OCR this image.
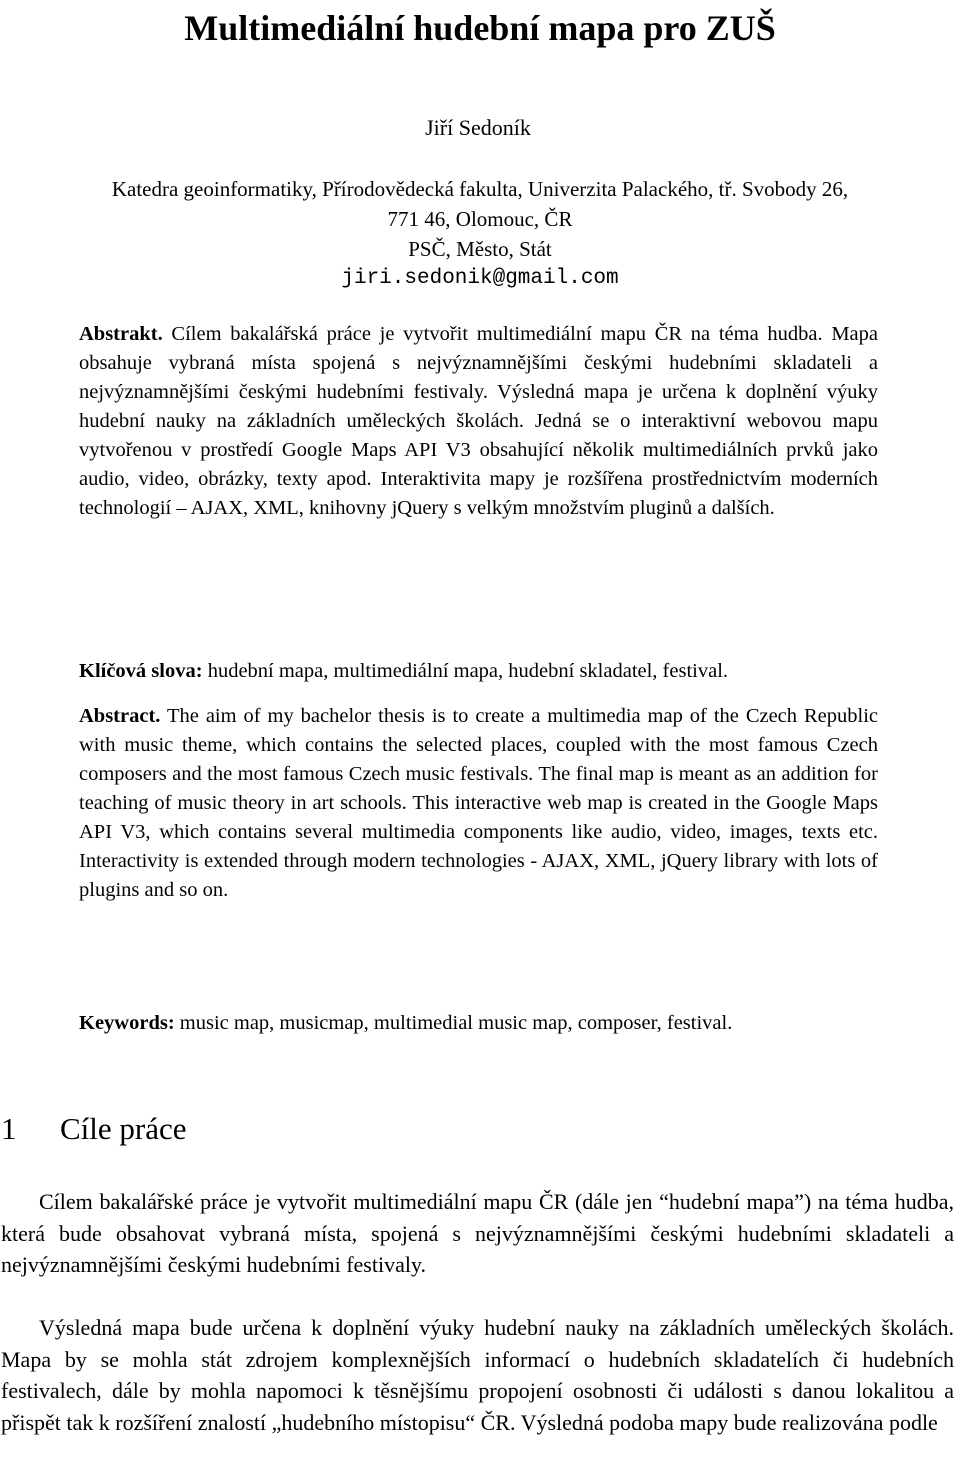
Multimediální hudební mapa pro ZUŠ
Jiří Sedoník
Katedra geoinformatiky, Přírodovědecká fakulta, Univerzita Palackého, tř. Svobody 26,
771 46, Olomouc, ČR
PSČ, Město, Stát
jiri.sedonik@gmail.com
Abstrakt. Cílem bakalářská práce je vytvořit multimediální mapu ČR na téma hudba. Mapa obsahuje vybraná místa spojená s nejvýznamnějšími českými hudebními skladateli a nejvýznamnějšími českými hudebními festivaly. Výsledná mapa je určena k doplnění výuky hudební nauky na základních uměleckých školách. Jedná se o interaktivní webovou mapu vytvořenou v prostředí Google Maps API V3 obsahující několik multimediálních prvků jako audio, video, obrázky, texty apod. Interaktivita mapy je rozšířena prostřednictvím moderních technologií – AJAX, XML, knihovny jQuery s velkým množstvím pluginů a dalších.
Klíčová slova: hudební mapa, multimediální mapa, hudební skladatel, festival.
Abstract. The aim of my bachelor thesis is to create a multimedia map of the Czech Republic with music theme, which contains the selected places, coupled with the most famous Czech composers and the most famous Czech music festivals. The final map is meant as an addition for teaching of music theory in art schools. This interactive web map is created in the Google Maps API V3, which contains several multimedia components like audio, video, images, texts etc. Interactivity is extended through modern technologies - AJAX, XML, jQuery library with lots of plugins and so on.
Keywords: music map, musicmap, multimedial music map, composer, festival.
1 Cíle práce
Cílem bakalářské práce je vytvořit multimediální mapu ČR (dále jen “hudební mapa”) na téma hudba, která bude obsahovat vybraná místa, spojená s nejvýznamnějšími českými hudebními skladateli a nejvýznamnějšími českými hudebními festivaly.
Výsledná mapa bude určena k doplnění výuky hudební nauky na základních uměleckých školách. Mapa by se mohla stát zdrojem komplexnějších informací o hudebních skladatelích či hudebních festivalech, dále by mohla napomoci k těsnějšímu propojení osobnosti či události s danou lokalitou a přispět tak k rozšíření znalostí „hudebního místopisu“ ČR. Výsledná podoba mapy bude realizována podle
